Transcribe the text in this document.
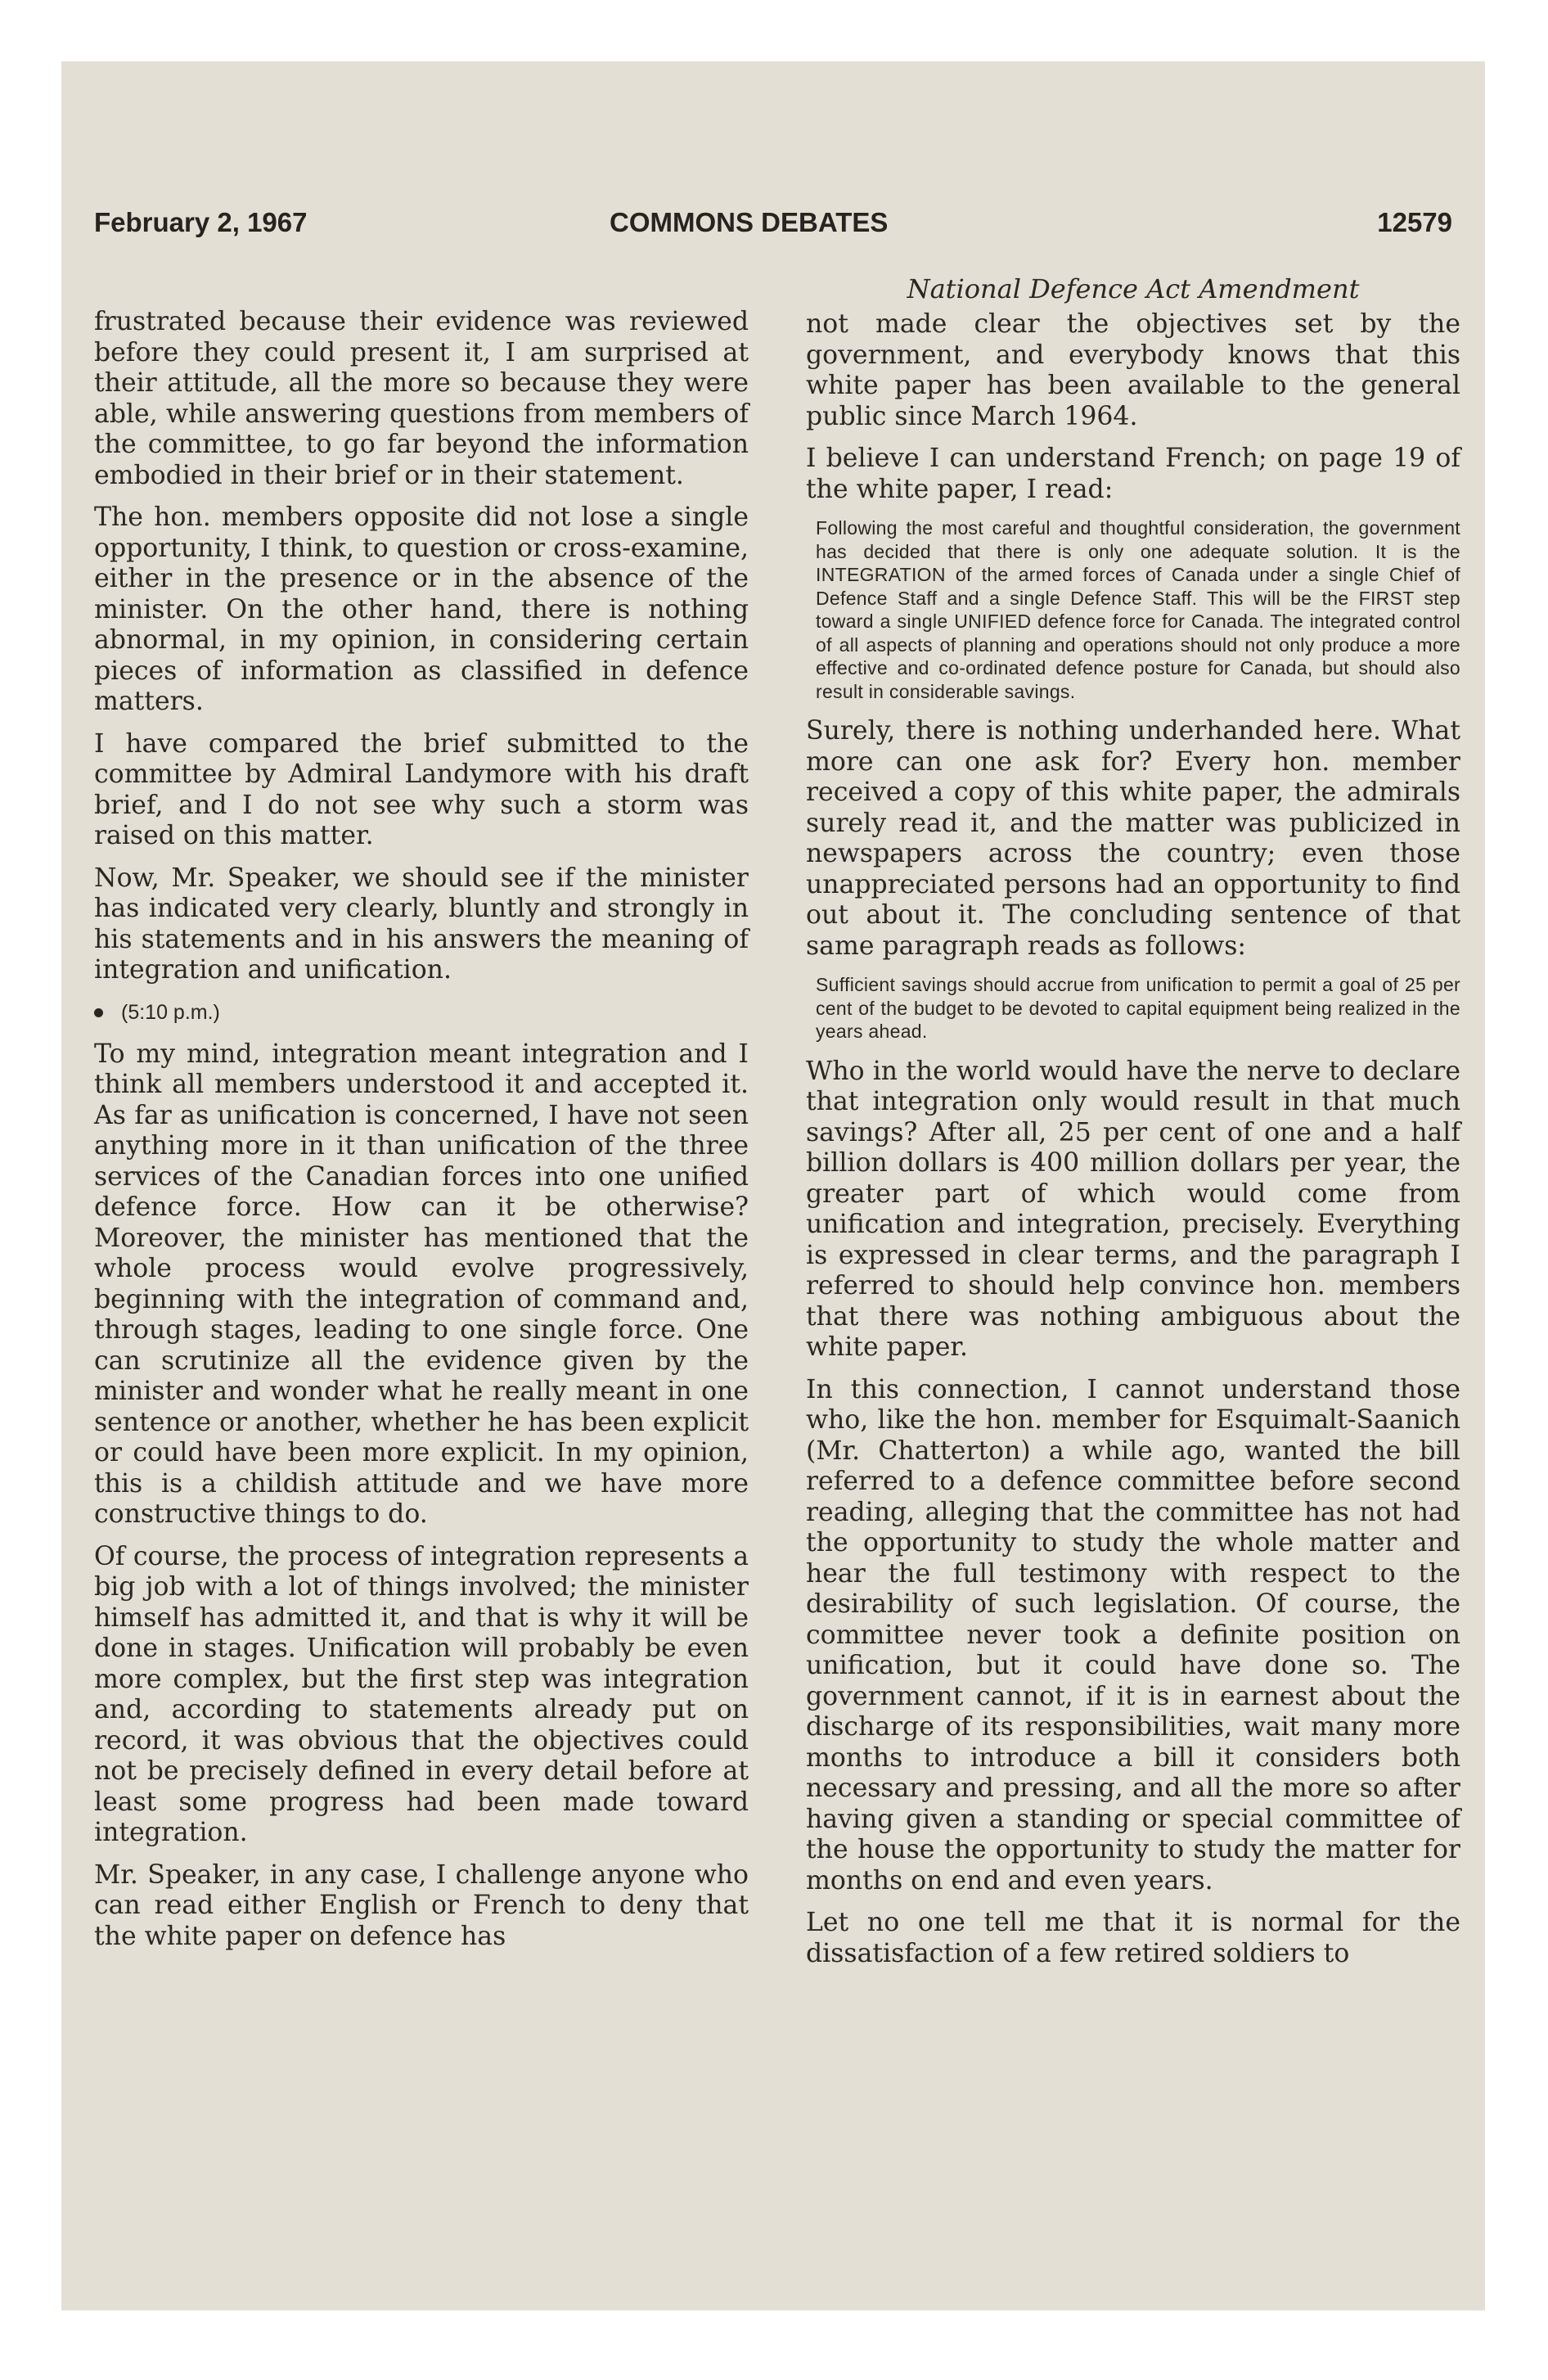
February 2, 1967	COMMONS DEBATES	12579

frustrated because their evidence was reviewed before they could present it, I am surprised at their attitude, all the more so because they were able, while answering questions from members of the committee, to go far beyond the information embodied in their brief or in their statement.

The hon. members opposite did not lose a single opportunity, I think, to question or cross-examine, either in the presence or in the absence of the minister. On the other hand, there is nothing abnormal, in my opinion, in considering certain pieces of information as classified in defence matters.

I have compared the brief submitted to the committee by Admiral Landymore with his draft brief, and I do not see why such a storm was raised on this matter.

Now, Mr. Speaker, we should see if the minister has indicated very clearly, bluntly and strongly in his statements and in his answers the meaning of integration and unification.

(5:10 p.m.)

To my mind, integration meant integration and I think all members understood it and accepted it. As far as unification is concerned, I have not seen anything more in it than unification of the three services of the Canadian forces into one unified defence force. How can it be otherwise? Moreover, the minister has mentioned that the whole process would evolve progressively, beginning with the integration of command and, through stages, leading to one single force. One can scrutinize all the evidence given by the minister and wonder what he really meant in one sentence or another, whether he has been explicit or could have been more explicit. In my opinion, this is a childish attitude and we have more constructive things to do.

Of course, the process of integration represents a big job with a lot of things involved; the minister himself has admitted it, and that is why it will be done in stages. Unification will probably be even more complex, but the first step was integration and, according to statements already put on record, it was obvious that the objectives could not be precisely defined in every detail before at least some progress had been made toward integration.

Mr. Speaker, in any case, I challenge anyone who can read either English or French to deny that the white paper on defence has

National Defence Act Amendment

not made clear the objectives set by the government, and everybody knows that this white paper has been available to the general public since March 1964.

I believe I can understand French; on page 19 of the white paper, I read:

Following the most careful and thoughtful consideration, the government has decided that there is only one adequate solution. It is the INTEGRATION of the armed forces of Canada under a single Chief of Defence Staff and a single Defence Staff. This will be the FIRST step toward a single UNIFIED defence force for Canada. The integrated control of all aspects of planning and operations should not only produce a more effective and co-ordinated defence posture for Canada, but should also result in considerable savings.

Surely, there is nothing underhanded here. What more can one ask for? Every hon. member received a copy of this white paper, the admirals surely read it, and the matter was publicized in newspapers across the country; even those unappreciated persons had an opportunity to find out about it. The concluding sentence of that same paragraph reads as follows:

Sufficient savings should accrue from unification to permit a goal of 25 per cent of the budget to be devoted to capital equipment being realized in the years ahead.

Who in the world would have the nerve to declare that integration only would result in that much savings? After all, 25 per cent of one and a half billion dollars is 400 million dollars per year, the greater part of which would come from unification and integration, precisely. Everything is expressed in clear terms, and the paragraph I referred to should help convince hon. members that there was nothing ambiguous about the white paper.

In this connection, I cannot understand those who, like the hon. member for Esquimalt-Saanich (Mr. Chatterton) a while ago, wanted the bill referred to a defence committee before second reading, alleging that the committee has not had the opportunity to study the whole matter and hear the full testimony with respect to the desirability of such legislation. Of course, the committee never took a definite position on unification, but it could have done so. The government cannot, if it is in earnest about the discharge of its responsibilities, wait many more months to introduce a bill it considers both necessary and pressing, and all the more so after having given a standing or special committee of the house the opportunity to study the matter for months on end and even years.

Let no one tell me that it is normal for the dissatisfaction of a few retired soldiers to
